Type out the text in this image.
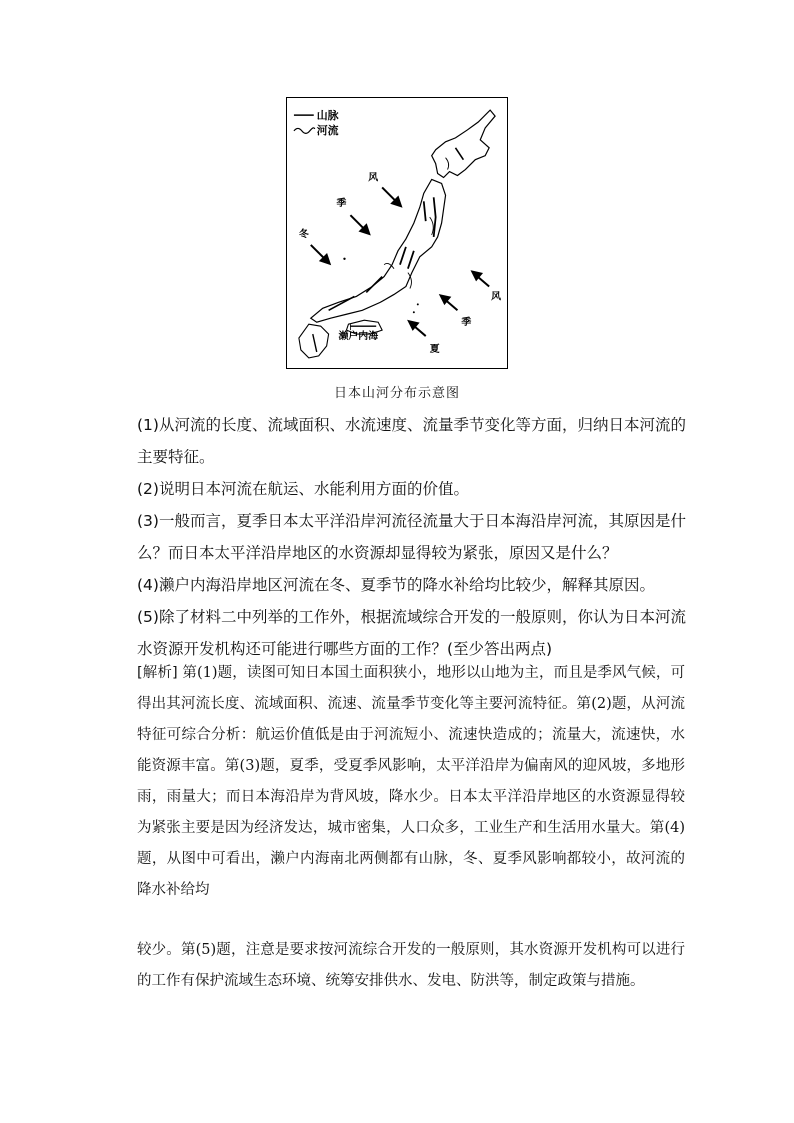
山脉
河流
风
季
冬
风
季
夏
濑户内海
日本山河分布示意图

(1)从河流的长度、流域面积、水流速度、流量季节变化等方面，归纳日本河流的主要特征。

(2)说明日本河流在航运、水能利用方面的价值。

(3)一般而言，夏季日本太平洋沿岸河流径流量大于日本海沿岸河流，其原因是什么？而日本太平洋沿岸地区的水资源却显得较为紧张，原因又是什么？

(4)濑户内海沿岸地区河流在冬、夏季节的降水补给均比较少，解释其原因。

(5)除了材料二中列举的工作外，根据流域综合开发的一般原则，你认为日本河流水资源开发机构还可能进行哪些方面的工作？(至少答出两点)

[解析] 第(1)题，读图可知日本国土面积狭小，地形以山地为主，而且是季风气候，可得出其河流长度、流域面积、流速、流量季节变化等主要河流特征。第(2)题，从河流特征可综合分析：航运价值低是由于河流短小、流速快造成的；流量大，流速快，水能资源丰富。第(3)题，夏季，受夏季风影响，太平洋沿岸为偏南风的迎风坡，多地形雨，雨量大；而日本海沿岸为背风坡，降水少。日本太平洋沿岸地区的水资源显得较为紧张主要是因为经济发达，城市密集，人口众多，工业生产和生活用水量大。第(4)题，从图中可看出，濑户内海南北两侧都有山脉，冬、夏季风影响都较小，故河流的降水补给均
较少。第(5)题，注意是要求按河流综合开发的一般原则，其水资源开发机构可以进行的工作有保护流域生态环境、统筹安排供水、发电、防洪等，制定政策与措施。
